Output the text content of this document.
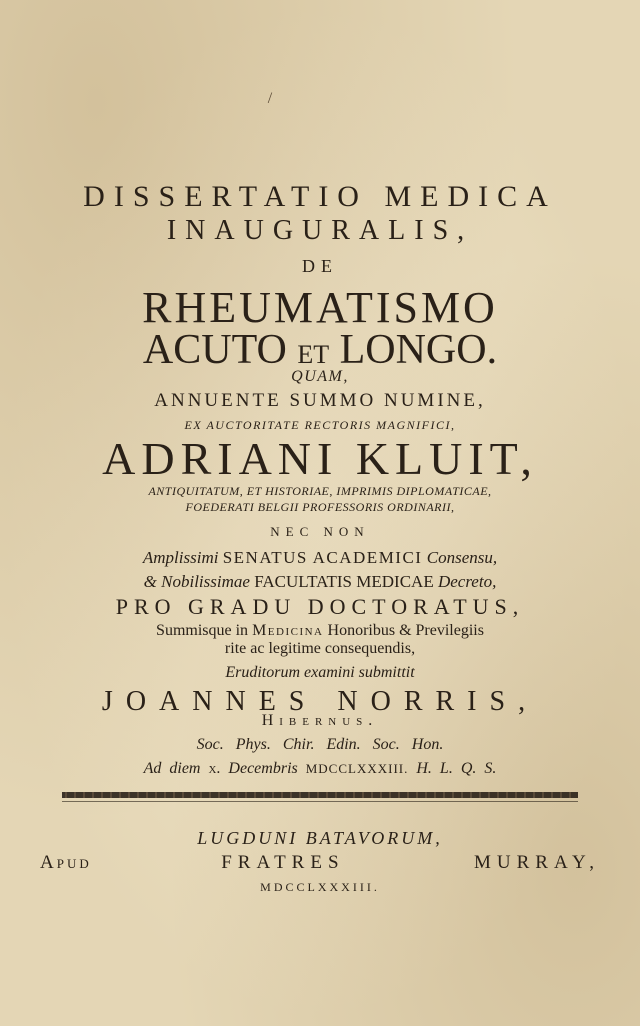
/
DISSERTATIO MEDICA
INAUGURALIS,
DE
RHEUMATISMO
ACUTO ET LONGO.
QUAM,
ANNUENTE SUMMO NUMINE,
EX AUCTORITATE RECTORIS MAGNIFICI,
ADRIANI KLUIT,
ANTIQUITATUM, ET HISTORIAE, IMPRIMIS DIPLOMATICAE,
FOEDERATI BELGII PROFESSORIS ORDINARII,
NEC NON
Amplissimi SENATUS ACADEMICI Consensu,
& Nobilissimae FACULTATIS MEDICAE Decreto,
PRO GRADU DOCTORATUS,
Summisque in Medicina Honoribus & Previlegiis
rite ac legitime consequendis,
Eruditorum examini submittit
JOANNES NORRIS,
Hibernus.
Soc. Phys. Chir. Edin. Soc. Hon.
Ad diem x. Decembris MDCCLXXXIII. H. L. Q. S.
LUGDUNI BATAVORUM,
Apud	FRATRES	MURRAY,
MDCCLXXXIII.
